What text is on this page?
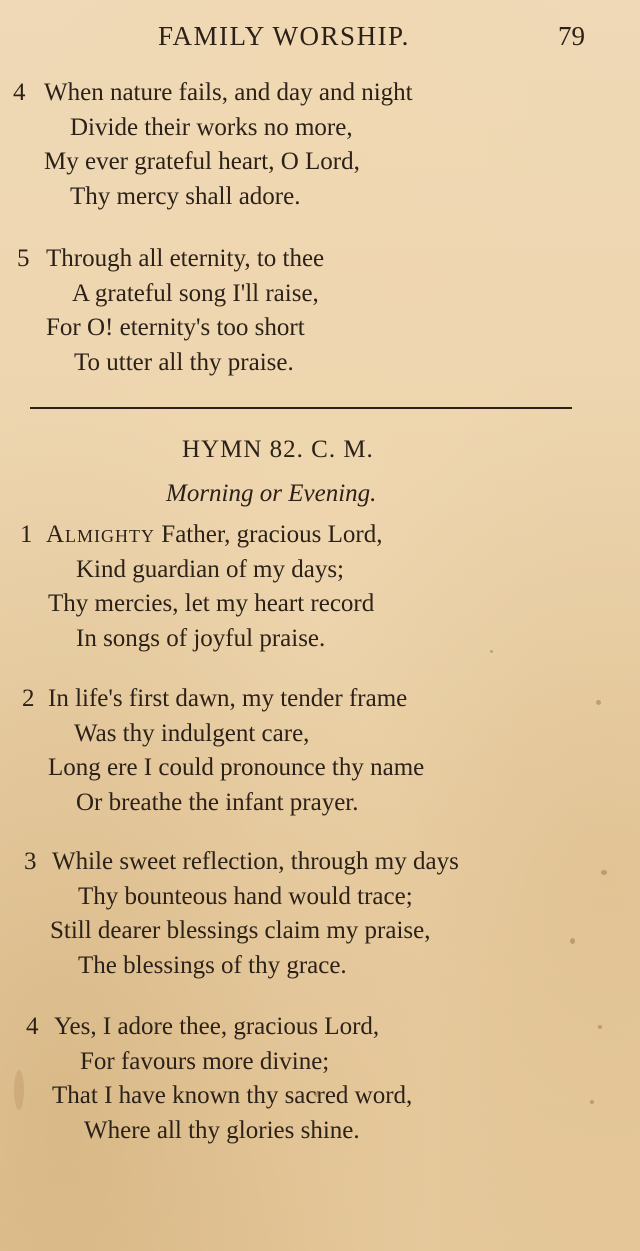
FAMILY WORSHIP.	79
4 When nature fails, and day and night
Divide their works no more,
My ever grateful heart, O Lord,
Thy mercy shall adore.
5 Through all eternity, to thee
A grateful song I'll raise,
For O! eternity's too short
To utter all thy praise.
HYMN 82. C. M.
Morning or Evening.
1 Almighty Father, gracious Lord,
Kind guardian of my days;
Thy mercies, let my heart record
In songs of joyful praise.
2 In life's first dawn, my tender frame
Was thy indulgent care,
Long ere I could pronounce thy name
Or breathe the infant prayer.
3 While sweet reflection, through my days
Thy bounteous hand would trace;
Still dearer blessings claim my praise,
The blessings of thy grace.
4 Yes, I adore thee, gracious Lord,
For favours more divine;
That I have known thy sacred word,
Where all thy glories shine.
